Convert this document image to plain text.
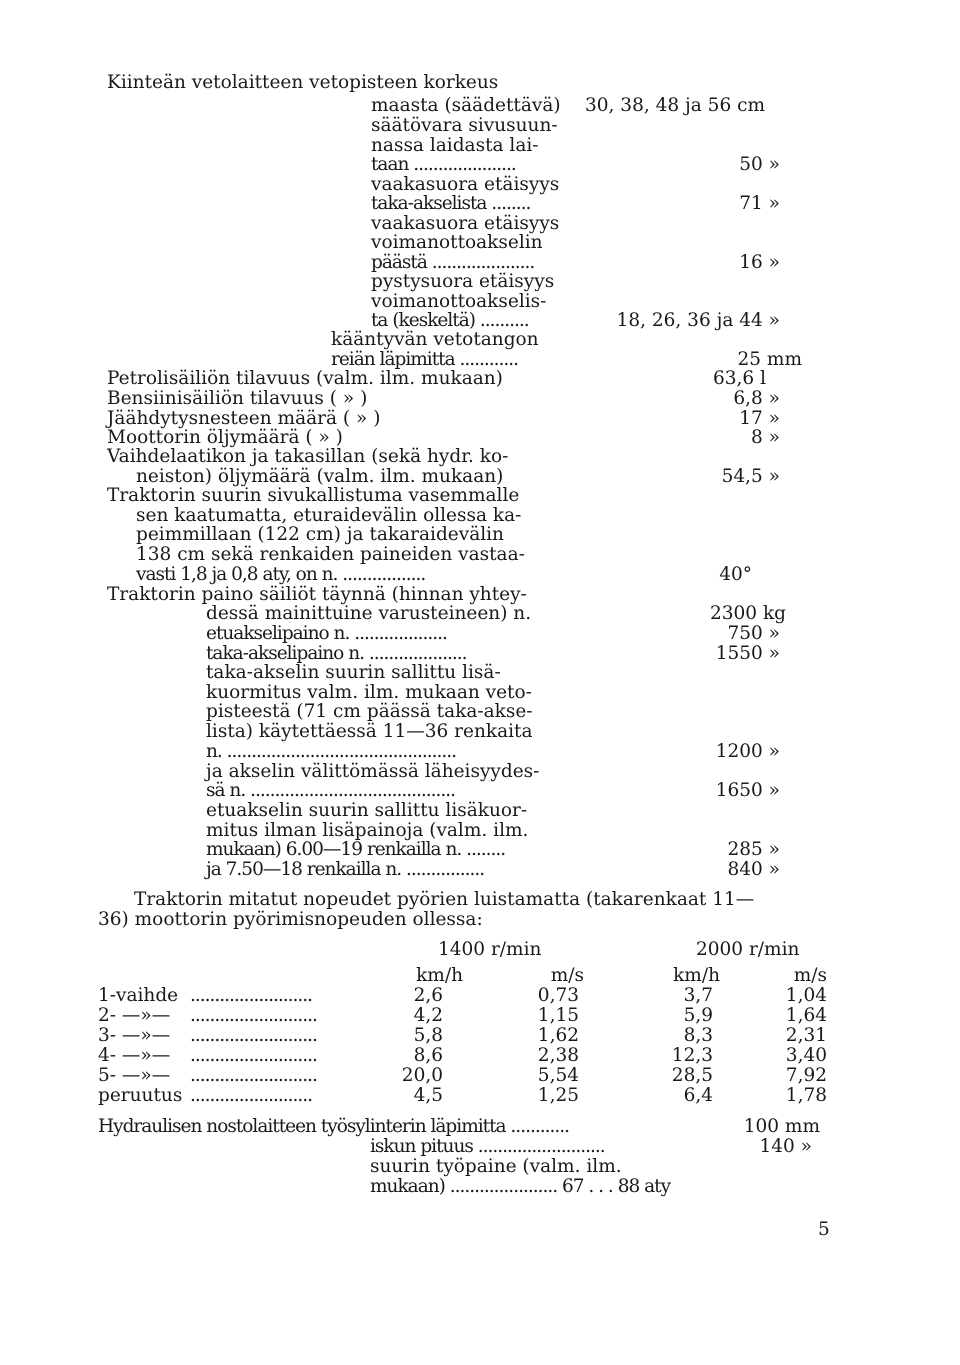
Kiinteän vetolaitteen vetopisteen korkeus
maasta (säädettävä) 30, 38, 48 ja 56 cm
säätövara sivusuun-
nassa laidasta lai-
taan .....................	50 »
vaakasuora etäisyys
taka-akselista ........	71 »
vaakasuora etäisyys
voimanottoakselin
päästä .....................	16 »
pystysuora etäisyys
voimanottoakselis-
ta (keskeltä) ..........	18, 26, 36 ja 44 »
kääntyvän vetotangon
reiän läpimitta ............	25 mm
Petrolisäiliön tilavuus (valm. ilm. mukaan)	63,6 l
Bensiinisäiliön tilavuus ( » )	6,8 »
Jäähdytysnesteen määrä ( » )	17 »
Moottorin öljymäärä ( » )	8 »
Vaihdelaatikon ja takasillan (sekä hydr. ko-
neiston) öljymäärä (valm. ilm. mukaan)	54,5 »
Traktorin suurin sivukallistuma vasemmalle
sen kaatumatta, eturaidevälin ollessa ka-
peimmillaan (122 cm) ja takaraidevälin
138 cm sekä renkaiden paineiden vastaa-
vasti 1,8 ja 0,8 aty, on n. .................	40°
Traktorin paino säiliöt täynnä (hinnan yhtey-
dessä mainittuine varusteineen) n.	2300 kg
etuakselipaino n. ...................	750 »
taka-akselipaino n. ....................	1550 »
taka-akselin suurin sallittu lisä-
kuormitus valm. ilm. mukaan veto-
pisteestä (71 cm päässä taka-akse-
lista) käytettäessä 11—36 renkaita
n. ...............................................	1200 »
ja akselin välittömässä läheisyydes-
sä n. ..........................................	1650 »
etuakselin suurin sallittu lisäkuor-
mitus ilman lisäpainoja (valm. ilm.
mukaan) 6.00—19 renkailla n. ........	285 »
ja 7.50—18 renkailla n. ................	840 »
Traktorin mitatut nopeudet pyörien luistamatta (takarenkaat 11—
36) moottorin pyörimisnopeuden ollessa:
1400 r/min	2000 r/min
km/h	m/s	km/h	m/s
1-vaihde .........................	2,6	0,73	3,7	1,04
2- —»— ..........................	4,2	1,15	5,9	1,64
3- —»— ..........................	5,8	1,62	8,3	2,31
4- —»— ..........................	8,6	2,38	12,3	3,40
5- —»— ..........................	20,0	5,54	28,5	7,92
peruutus .........................	4,5	1,25	6,4	1,78
Hydraulisen nostolaitteen työsylinterin läpimitta ............	100 mm
iskun pituus ..........................	140 »
suurin työpaine (valm. ilm.
mukaan) ...................... 67 . . . 88 aty
5
